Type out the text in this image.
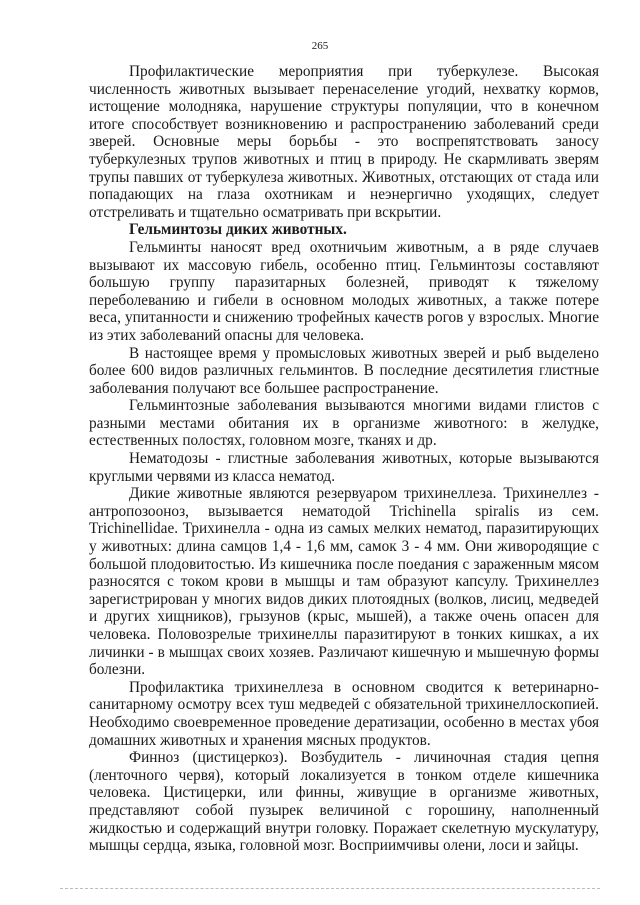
265

Профилактические мероприятия при туберкулезе. Высокая численность животных вызывает перенаселение угодий, нехватку кормов, истощение молодняка, нарушение структуры популяции, что в конечном итоге способствует возникновению и распространению заболеваний среди зверей. Основные меры борьбы - это воспрепятствовать заносу туберкулезных трупов животных и птиц в природу. Не скармливать зверям трупы павших от туберкулеза животных. Животных, отстающих от стада или попадающих на глаза охотникам и неэнергично уходящих, следует отстреливать и тщательно осматривать при вскрытии.

Гельминтозы диких животных.

Гельминты наносят вред охотничьим животным, а в ряде случаев вызывают их массовую гибель, особенно птиц. Гельминтозы составляют большую группу паразитарных болезней, приводят к тяжелому переболеванию и гибели в основном молодых животных, а также потере веса, упитанности и снижению трофейных качеств рогов у взрослых. Многие из этих заболеваний опасны для человека.

В настоящее время у промысловых животных зверей и рыб выделено более 600 видов различных гельминтов. В последние десятилетия глистные заболевания получают все большее распространение.

Гельминтозные заболевания вызываются многими видами глистов с разными местами обитания их в организме животного: в желудке, естественных полостях, головном мозге, тканях и др.

Нематодозы - глистные заболевания животных, которые вызываются круглыми червями из класса нематод.

Дикие животные являются резервуаром трихинеллеза. Трихинеллез - антропозооноз, вызывается нематодой Trichinella spiralis из сем. Trichinellidae. Трихинелла - одна из самых мелких нематод, паразитирующих у животных: длина самцов 1,4 - 1,6 мм, самок 3 - 4 мм. Они живородящие с большой плодовитостью. Из кишечника после поедания с зараженным мясом разносятся с током крови в мышцы и там образуют капсулу. Трихинеллез зарегистрирован у многих видов диких плотоядных (волков, лисиц, медведей и других хищников), грызунов (крыс, мышей), а также очень опасен для человека. Половозрелые трихинеллы паразитируют в тонких кишках, а их личинки - в мышцах своих хозяев. Различают кишечную и мышечную формы болезни.

Профилактика трихинеллеза в основном сводится к ветеринарно-санитарному осмотру всех туш медведей с обязательной трихинеллоскопией. Необходимо своевременное проведение дератизации, особенно в местах убоя домашних животных и хранения мясных продуктов.

Финноз (цистицеркоз). Возбудитель - личиночная стадия цепня (ленточного червя), который локализуется в тонком отделе кишечника человека. Цистицерки, или финны, живущие в организме животных, представляют собой пузырек величиной с горошину, наполненный жидкостью и содержащий внутри головку. Поражает скелетную мускулатуру, мышцы сердца, языка, головной мозг. Восприимчивы олени, лоси и зайцы.
